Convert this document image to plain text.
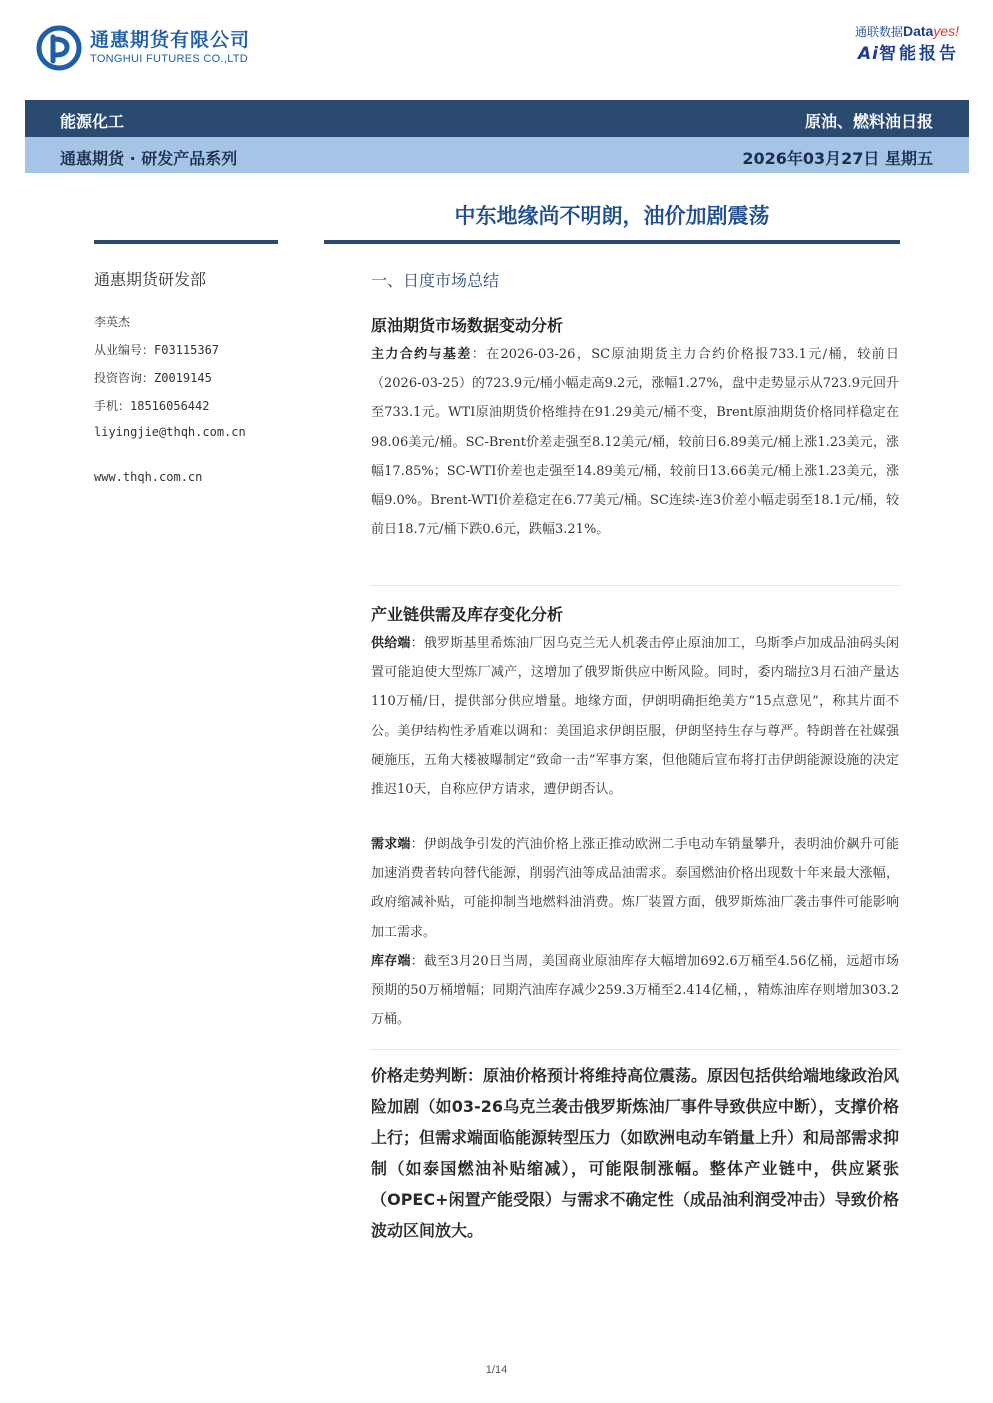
通惠期货有限公司
TONGHUI FUTURES CO.,LTD
通联数据Datayes!
Ai智能报告
能源化工	原油、燃料油日报
通惠期货 · 研发产品系列	2026年03月27日 星期五
中东地缘尚不明朗，油价加剧震荡
通惠期货研发部
李英杰
从业编号：F03115367
投资咨询：Z0019145
手机：18516056442
liyingjie@thqh.com.cn
www.thqh.com.cn
一、日度市场总结
原油期货市场数据变动分析
主力合约与基差：在2026-03-26，SC原油期货主力合约价格报733.1元/桶，较前日（2026-03-25）的723.9元/桶小幅走高9.2元，涨幅1.27%，盘中走势显示从723.9元回升至733.1元。WTI原油期货价格维持在91.29美元/桶不变，Brent原油期货价格同样稳定在98.06美元/桶。SC-Brent价差走强至8.12美元/桶，较前日6.89美元/桶上涨1.23美元，涨幅17.85%；SC-WTI价差也走强至14.89美元/桶，较前日13.66美元/桶上涨1.23美元，涨幅9.0%。Brent-WTI价差稳定在6.77美元/桶。SC连续-连3价差小幅走弱至18.1元/桶，较前日18.7元/桶下跌0.6元，跌幅3.21%。
产业链供需及库存变化分析
供给端：俄罗斯基里希炼油厂因乌克兰无人机袭击停止原油加工，乌斯季卢加成品油码头闲置可能迫使大型炼厂减产，这增加了俄罗斯供应中断风险。同时，委内瑞拉3月石油产量达110万桶/日，提供部分供应增量。地缘方面，伊朗明确拒绝美方“15点意见”，称其片面不公。美伊结构性矛盾难以调和：美国追求伊朗臣服，伊朗坚持生存与尊严。特朗普在社媒强硬施压，五角大楼被曝制定“致命一击”军事方案，但他随后宣布将打击伊朗能源设施的决定推迟10天，自称应伊方请求，遭伊朗否认。
需求端：伊朗战争引发的汽油价格上涨正推动欧洲二手电动车销量攀升，表明油价飙升可能加速消费者转向替代能源，削弱汽油等成品油需求。泰国燃油价格出现数十年来最大涨幅，政府缩减补贴，可能抑制当地燃料油消费。炼厂装置方面，俄罗斯炼油厂袭击事件可能影响加工需求。
库存端：截至3月20日当周，美国商业原油库存大幅增加692.6万桶至4.56亿桶，远超市场预期的50万桶增幅；同期汽油库存减少259.3万桶至2.414亿桶，，精炼油库存则增加303.2万桶。
价格走势判断：原油价格预计将维持高位震荡。原因包括供给端地缘政治风险加剧（如03-26乌克兰袭击俄罗斯炼油厂事件导致供应中断），支撑价格上行；但需求端面临能源转型压力（如欧洲电动车销量上升）和局部需求抑制（如泰国燃油补贴缩减），可能限制涨幅。整体产业链中，供应紧张（OPEC+闲置产能受限）与需求不确定性（成品油利润受冲击）导致价格波动区间放大。
1/14
